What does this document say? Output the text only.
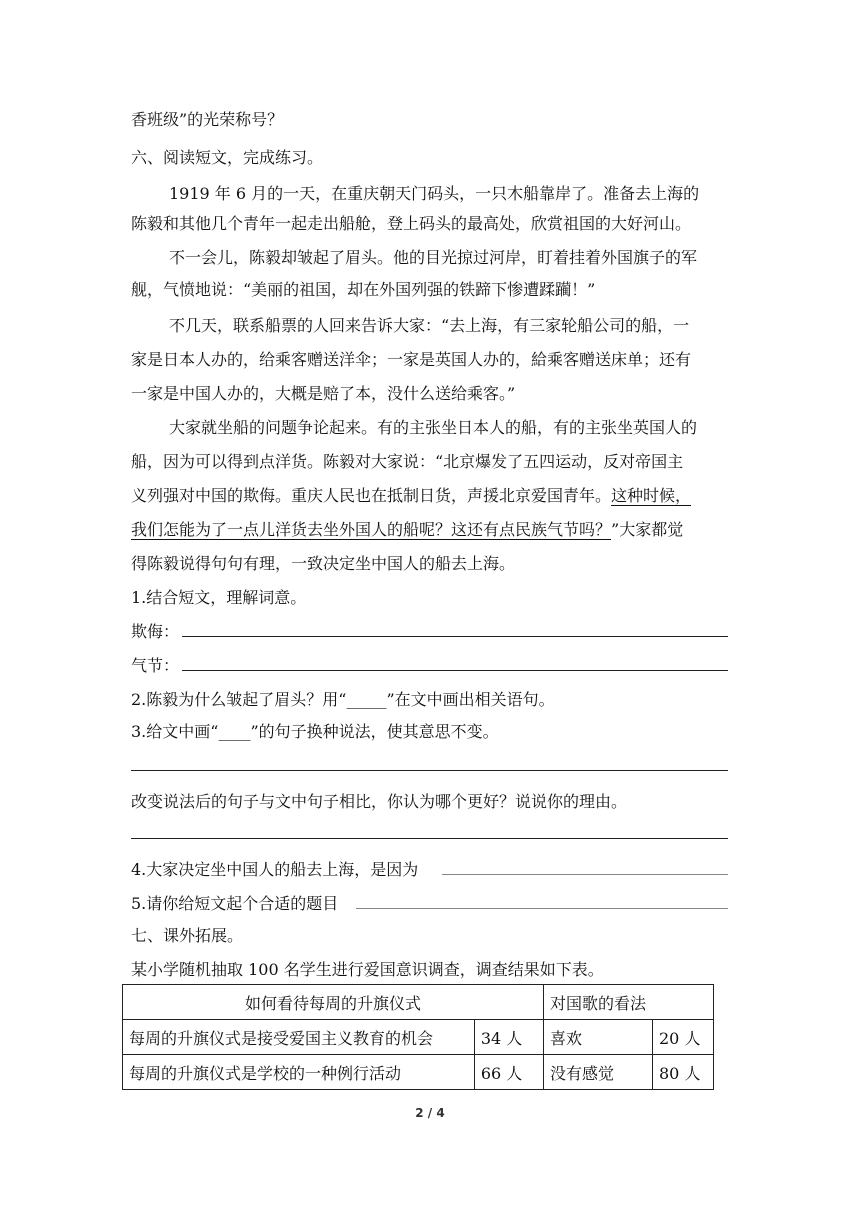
香班级”的光荣称号？
六、阅读短文，完成练习。
1919 年 6 月的一天，在重庆朝天门码头，一只木船靠岸了。准备去上海的
陈毅和其他几个青年一起走出船舱，登上码头的最高处，欣赏祖国的大好河山。
不一会儿，陈毅却皱起了眉头。他的目光掠过河岸，盯着挂着外国旗子的军
舰，气愤地说：“美丽的祖国，却在外国列强的铁蹄下惨遭蹂躏！”
不几天，联系船票的人回来告诉大家：“去上海，有三家轮船公司的船，一
家是日本人办的，给乘客赠送洋伞；一家是英国人办的，給乘客赠送床单；还有
一家是中国人办的，大概是赔了本，没什么送给乘客。”
大家就坐船的问题争论起来。有的主张坐日本人的船，有的主张坐英国人的
船，因为可以得到点洋货。陈毅对大家说：“北京爆发了五四运动，反对帝国主
义列强对中国的欺侮。重庆人民也在抵制日货，声援北京爱国青年。这种时候，
我们怎能为了一点儿洋货去坐外国人的船呢？这还有点民族气节吗？”大家都觉
得陈毅说得句句有理，一致决定坐中国人的船去上海。
1.结合短文，理解词意。
欺侮：
气节：
2.陈毅为什么皱起了眉头？用“_____”在文中画出相关语句。
3.给文中画“____”的句子换种说法，使其意思不变。
改变说法后的句子与文中句子相比，你认为哪个更好？说说你的理由。
4.大家决定坐中国人的船去上海，是因为
5.请你给短文起个合适的题目
七、课外拓展。
某小学随机抽取 100 名学生进行爱国意识调查，调查结果如下表。
如何看待每周的升旗仪式		对国歌的看法	
每周的升旗仪式是接受爱国主义教育的机会	34 人	喜欢	20 人
每周的升旗仪式是学校的一种例行活动	66 人	没有感觉	80 人
2 / 4
